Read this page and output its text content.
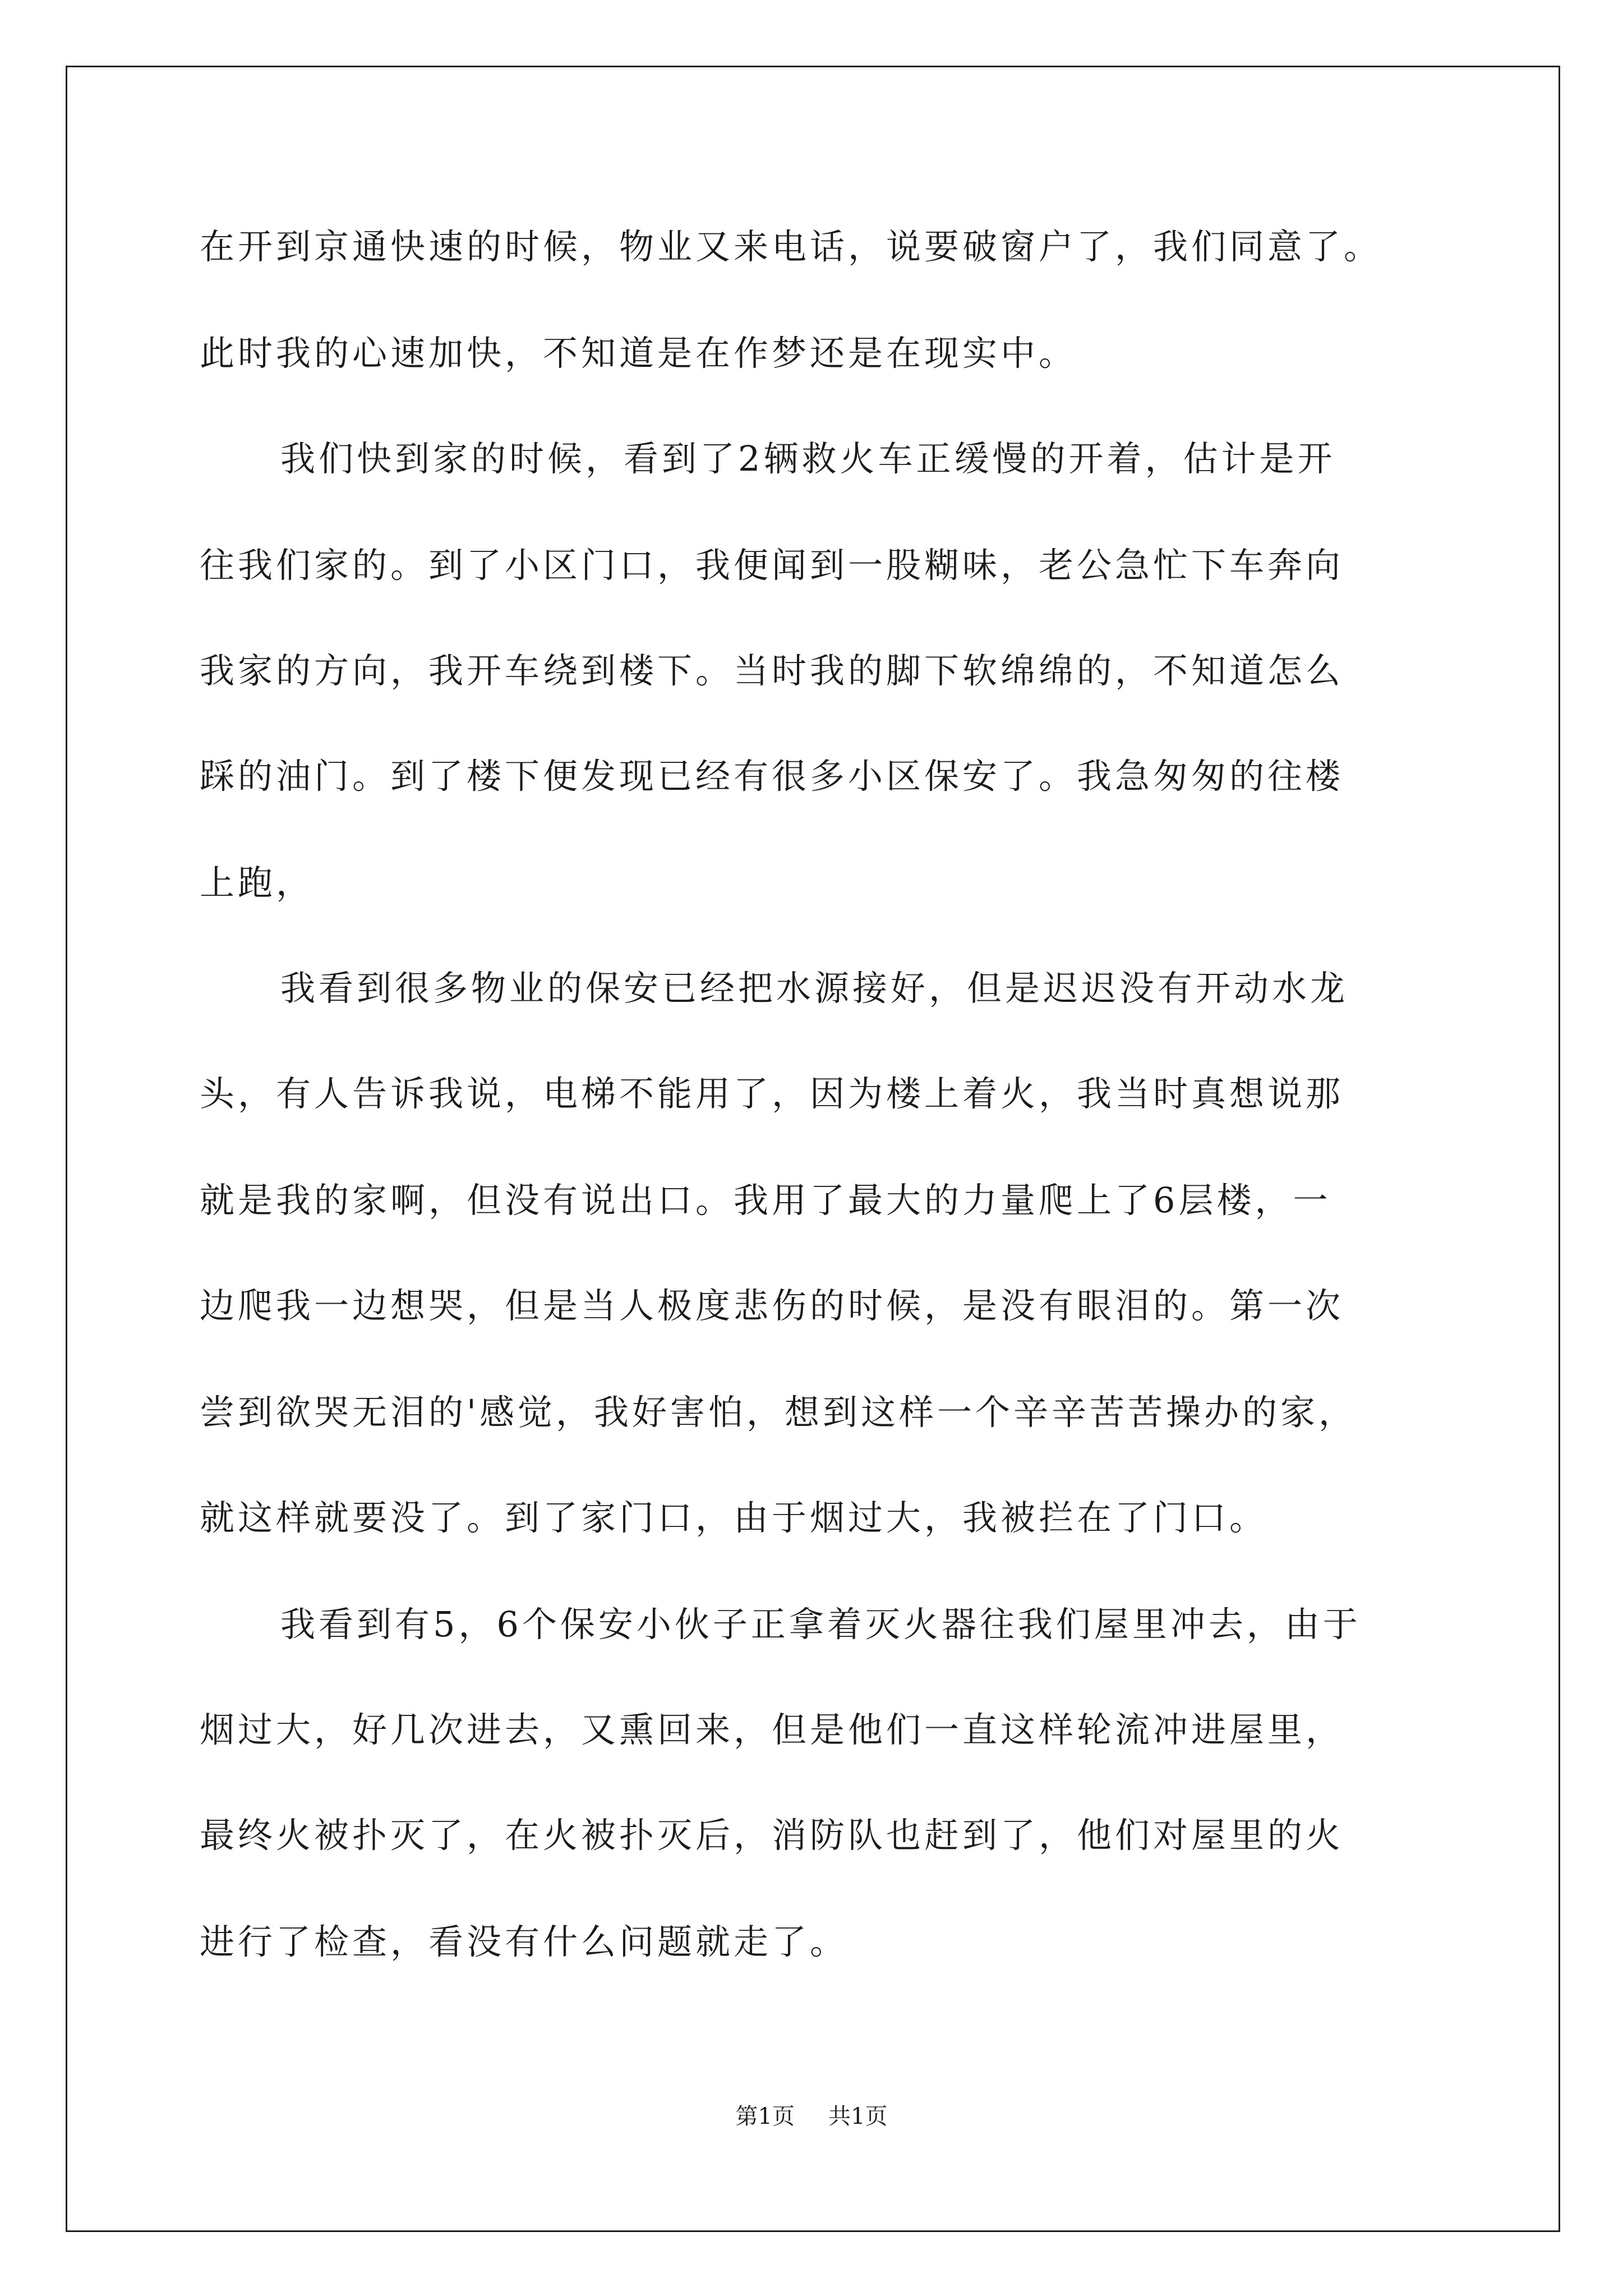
在开到京通快速的时候，物业又来电话，说要破窗户了，我们同意了。
此时我的心速加快，不知道是在作梦还是在现实中。
我们快到家的时候，看到了2辆救火车正缓慢的开着，估计是开
往我们家的。到了小区门口，我便闻到一股糊味，老公急忙下车奔向
我家的方向，我开车绕到楼下。当时我的脚下软绵绵的，不知道怎么
踩的油门。到了楼下便发现已经有很多小区保安了。我急匆匆的往楼
上跑，
我看到很多物业的保安已经把水源接好，但是迟迟没有开动水龙
头，有人告诉我说，电梯不能用了，因为楼上着火，我当时真想说那
就是我的家啊，但没有说出口。我用了最大的力量爬上了6层楼，一
边爬我一边想哭，但是当人极度悲伤的时候，是没有眼泪的。第一次
尝到欲哭无泪的'感觉，我好害怕，想到这样一个辛辛苦苦操办的家，
就这样就要没了。到了家门口，由于烟过大，我被拦在了门口。
我看到有5，6个保安小伙子正拿着灭火器往我们屋里冲去，由于
烟过大，好几次进去，又熏回来，但是他们一直这样轮流冲进屋里，
最终火被扑灭了，在火被扑灭后，消防队也赶到了，他们对屋里的火
进行了检查，看没有什么问题就走了。
第1页 共1页
